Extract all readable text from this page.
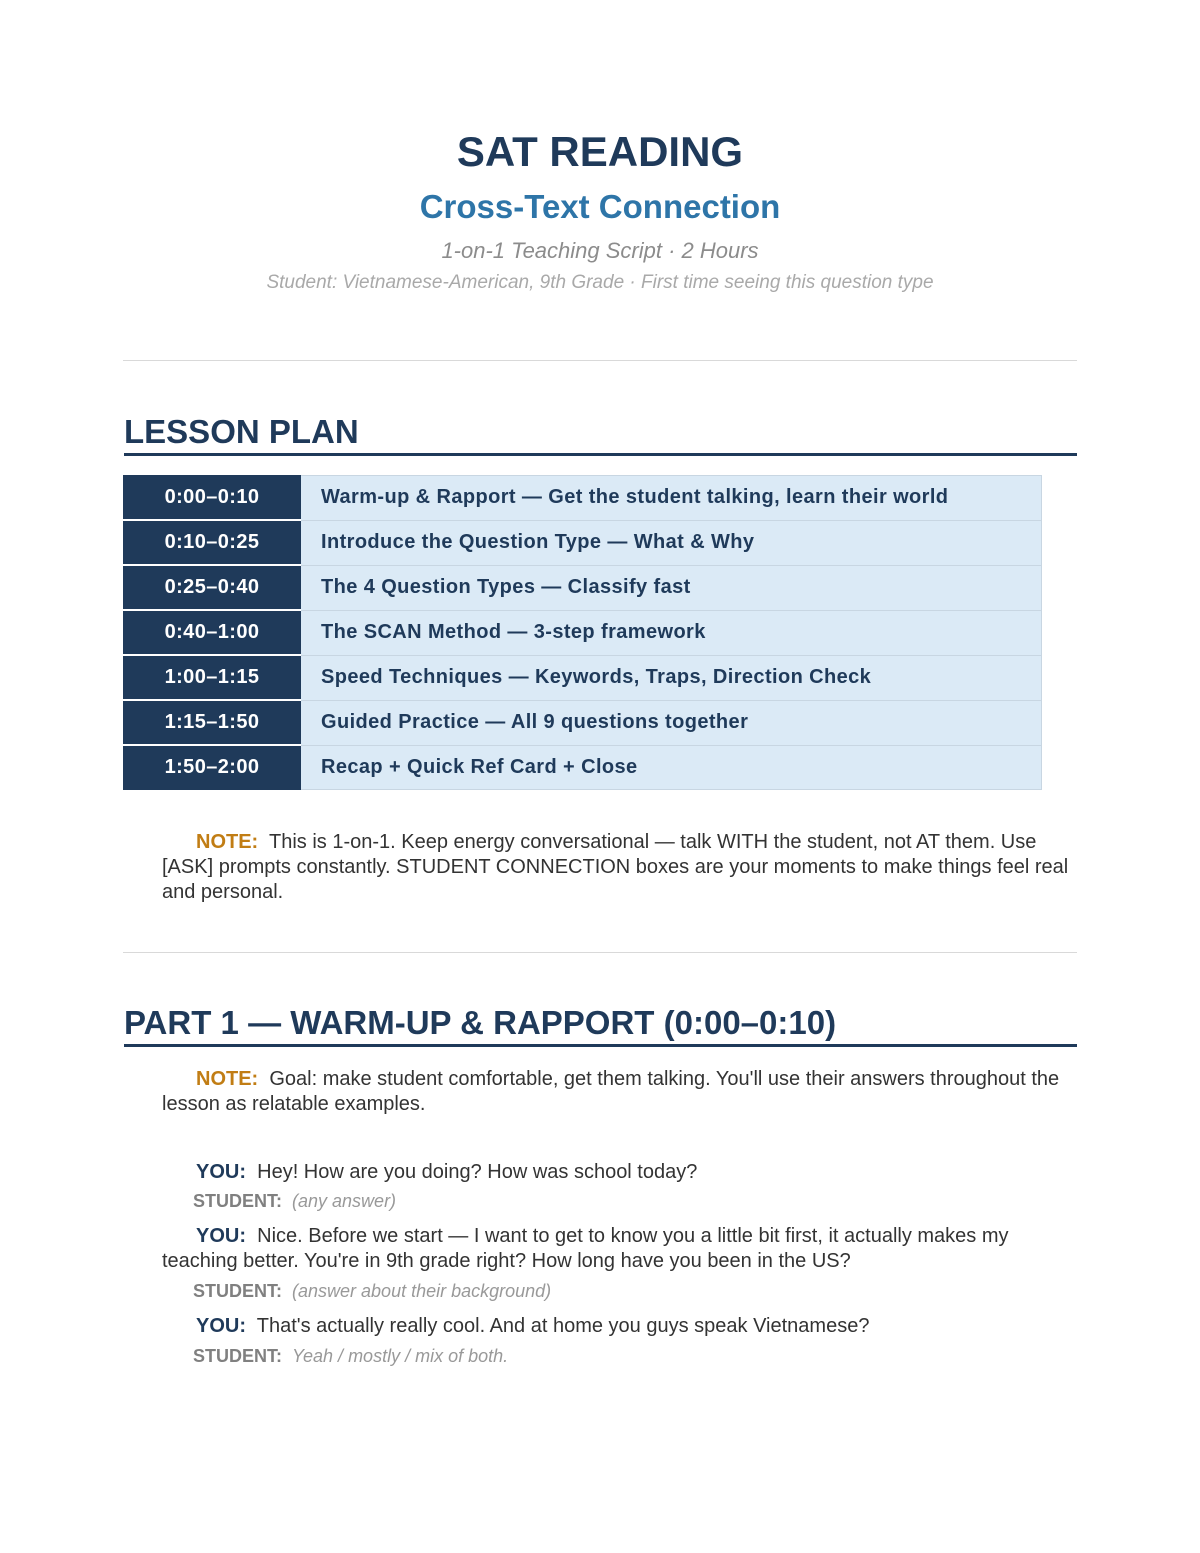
SAT READING
Cross-Text Connection
1-on-1 Teaching Script · 2 Hours
Student: Vietnamese-American, 9th Grade · First time seeing this question type
LESSON PLAN
0:00–0:10	Warm-up & Rapport — Get the student talking, learn their world
0:10–0:25	Introduce the Question Type — What & Why
0:25–0:40	The 4 Question Types — Classify fast
0:40–1:00	The SCAN Method — 3-step framework
1:00–1:15	Speed Techniques — Keywords, Traps, Direction Check
1:15–1:50	Guided Practice — All 9 questions together
1:50–2:00	Recap + Quick Ref Card + Close
NOTE: This is 1-on-1. Keep energy conversational — talk WITH the student, not AT them. Use [ASK] prompts constantly. STUDENT CONNECTION boxes are your moments to make things feel real and personal.
PART 1 — WARM-UP & RAPPORT (0:00–0:10)
NOTE: Goal: make student comfortable, get them talking. You'll use their answers throughout the lesson as relatable examples.
YOU: Hey! How are you doing? How was school today?
STUDENT: (any answer)
YOU: Nice. Before we start — I want to get to know you a little bit first, it actually makes my teaching better. You're in 9th grade right? How long have you been in the US?
STUDENT: (answer about their background)
YOU: That's actually really cool. And at home you guys speak Vietnamese?
STUDENT: Yeah / mostly / mix of both.
